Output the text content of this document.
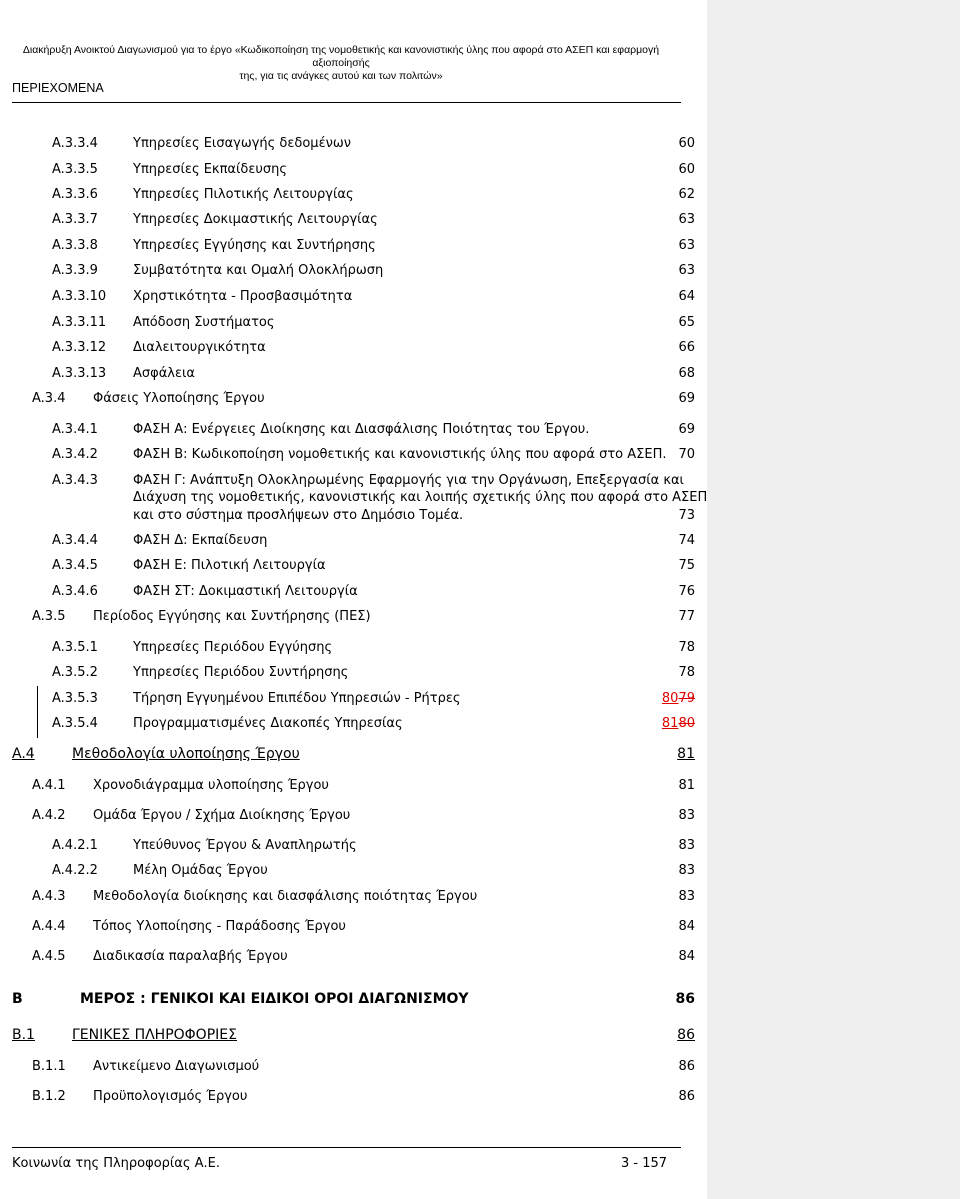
Διακήρυξη Ανοικτού Διαγωνισμού για το έργο «Κωδικοποίηση της νομοθετικής και κανονιστικής ύλης που αφορά στο ΑΣΕΠ και εφαρμογή αξιοποίησής
της, για τις ανάγκες αυτού και των πολιτών»
ΠΕΡΙΕΧΟΜΕΝΑ
A.3.3.4	Υπηρεσίες Εισαγωγής δεδομένων	60
A.3.3.5	Υπηρεσίες Εκπαίδευσης	60
A.3.3.6	Υπηρεσίες Πιλοτικής Λειτουργίας	62
A.3.3.7	Υπηρεσίες Δοκιμαστικής Λειτουργίας	63
A.3.3.8	Υπηρεσίες Εγγύησης και Συντήρησης	63
A.3.3.9	Συμβατότητα και Ομαλή Ολοκλήρωση	63
A.3.3.10 Χρηστικότητα - Προσβασιμότητα	64
A.3.3.11 Απόδοση Συστήματος	65
A.3.3.12 Διαλειτουργικότητα	66
A.3.3.13 Ασφάλεια	68
A.3.4 Φάσεις Υλοποίησης Έργου	69
A.3.4.1	ΦΑΣΗ Α: Ενέργειες Διοίκησης και Διασφάλισης Ποιότητας του Έργου.	69
A.3.4.2	ΦΑΣΗ Β: Κωδικοποίηση νομοθετικής και κανονιστικής ύλης που αφορά στο ΑΣΕΠ. 70
A.3.4.3	ΦΑΣΗ Γ: Ανάπτυξη Ολοκληρωμένης Εφαρμογής για την Οργάνωση, Επεξεργασία και
Διάχυση της νομοθετικής, κανονιστικής και λοιπής σχετικής ύλης που αφορά στο ΑΣΕΠ
και στο σύστημα προσλήψεων στο Δημόσιο Τομέα.	73
A.3.4.4	ΦΑΣΗ Δ: Εκπαίδευση	74
A.3.4.5	ΦΑΣΗ Ε: Πιλοτική Λειτουργία	75
A.3.4.6	ΦΑΣΗ ΣΤ: Δοκιμαστική Λειτουργία	76
A.3.5 Περίοδος Εγγύησης και Συντήρησης (ΠΕΣ)	77
A.3.5.1	Υπηρεσίες Περιόδου Εγγύησης	78
A.3.5.2	Υπηρεσίες Περιόδου Συντήρησης	78
A.3.5.3	Τήρηση Εγγυημένου Επιπέδου Υπηρεσιών - Ρήτρες	8079
A.3.5.4	Προγραμματισμένες Διακοπές Υπηρεσίας	8180
A.4	Μεθοδολογία υλοποίησης Έργου	81
A.4.1 Χρονοδιάγραμμα υλοποίησης Έργου	81
A.4.2 Ομάδα Έργου / Σχήμα Διοίκησης Έργου	83
A.4.2.1	Υπεύθυνος Έργου & Αναπληρωτής	83
A.4.2.2	Μέλη Ομάδας Έργου	83
A.4.3 Μεθοδολογία διοίκησης και διασφάλισης ποιότητας Έργου	83
A.4.4 Τόπος Υλοποίησης - Παράδοσης Έργου	84
A.4.5 Διαδικασία παραλαβής Έργου	84
B	ΜΕΡΟΣ : ΓΕΝΙΚΟΙ ΚΑΙ ΕΙΔΙΚΟΙ ΟΡΟΙ ΔΙΑΓΩΝΙΣΜΟΥ	86
B.1	ΓΕΝΙΚΕΣ ΠΛΗΡΟΦΟΡΙΕΣ	86
B.1.1 Αντικείμενο Διαγωνισμού	86
B.1.2 Προϋπολογισμός Έργου	86
Κοινωνία της Πληροφορίας Α.Ε.	3 - 157
